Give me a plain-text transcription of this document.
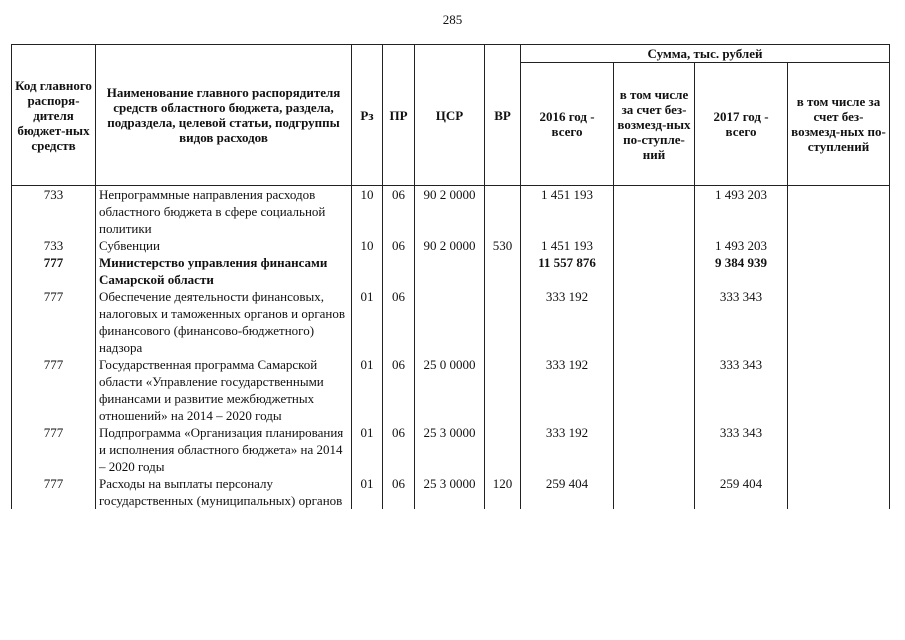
285
Код главного распоря-дителя бюджет-ных средств	Наименование главного распорядителя средств областного бюджета, раздела, подраздела, целевой статьи, подгруппы видов расходов	Рз	ПР	ЦСР	ВР	Сумма, тыс. рублей			
						2016 год - всего	в том числе за счет без-возмезд-ных по-ступле-ний	2017 год - всего	в том числе за счет без-возмезд-ных по-ступлений
733	Непрограммные направления расходов областного бюджета в сфере социальной политики	10	06	90 2 0000		1 451 193		1 493 203	
733	Субвенции	10	06	90 2 0000	530	1 451 193		1 493 203	
777	Министерство управления финансами Самарской области					11 557 876		9 384 939	
777	Обеспечение деятельности финансовых, налоговых и таможенных органов и органов финансового (финансово-бюджетного) надзора	01	06			333 192		333 343	
777	Государственная программа Самарской области «Управление государственными финансами и развитие межбюджетных отношений» на 2014 – 2020 годы	01	06	25 0 0000		333 192		333 343	
777	Подпрограмма «Организация планирования и исполнения областного бюджета» на 2014 – 2020 годы	01	06	25 3 0000		333 192		333 343	
777	Расходы на выплаты персоналу государственных (муниципальных) органов	01	06	25 3 0000	120	259 404		259 404	
